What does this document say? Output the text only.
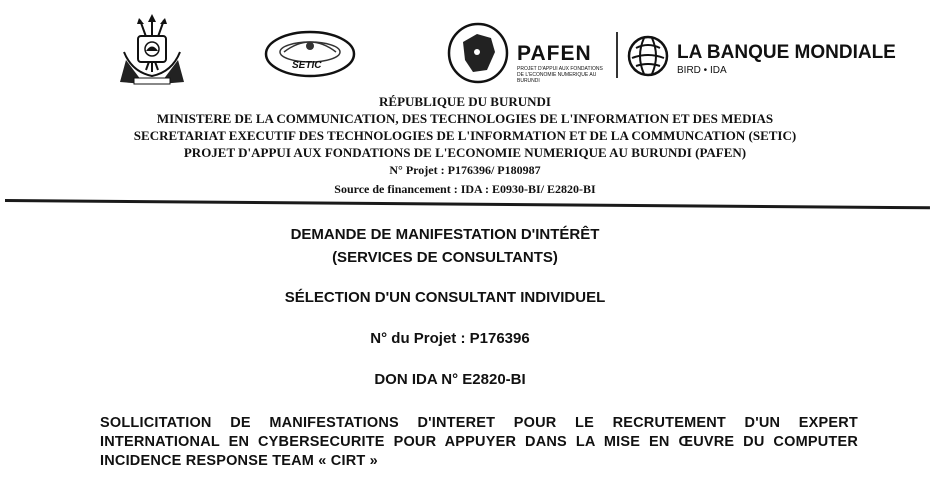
SETIC
PAFEN
PROJET D'APPUI AUX FONDATIONS DE L'ECONOMIE NUMERIQUE AU BURUNDI
LA BANQUE MONDIALE
BIRD • IDA
RÉPUBLIQUE DU BURUNDI
MINISTERE DE LA COMMUNICATION, DES TECHNOLOGIES DE L'INFORMATION ET DES MEDIAS
SECRETARIAT EXECUTIF DES TECHNOLOGIES DE L'INFORMATION ET DE LA COMMUNCATION (SETIC)
PROJET D'APPUI AUX FONDATIONS DE L'ECONOMIE NUMERIQUE AU BURUNDI (PAFEN)
N° Projet : P176396/ P180987
Source de financement : IDA : E0930-BI/ E2820-BI
DEMANDE DE MANIFESTATION D'INTÉRÊT
(SERVICES DE CONSULTANTS)
SÉLECTION D'UN CONSULTANT INDIVIDUEL
N° du Projet : P176396
DON IDA N° E2820-BI
SOLLICITATION DE MANIFESTATIONS D'INTERET POUR LE RECRUTEMENT D'UN EXPERT INTERNATIONAL EN CYBERSECURITE POUR APPUYER DANS LA MISE EN ŒUVRE DU COMPUTER INCIDENCE RESPONSE TEAM « CIRT »
